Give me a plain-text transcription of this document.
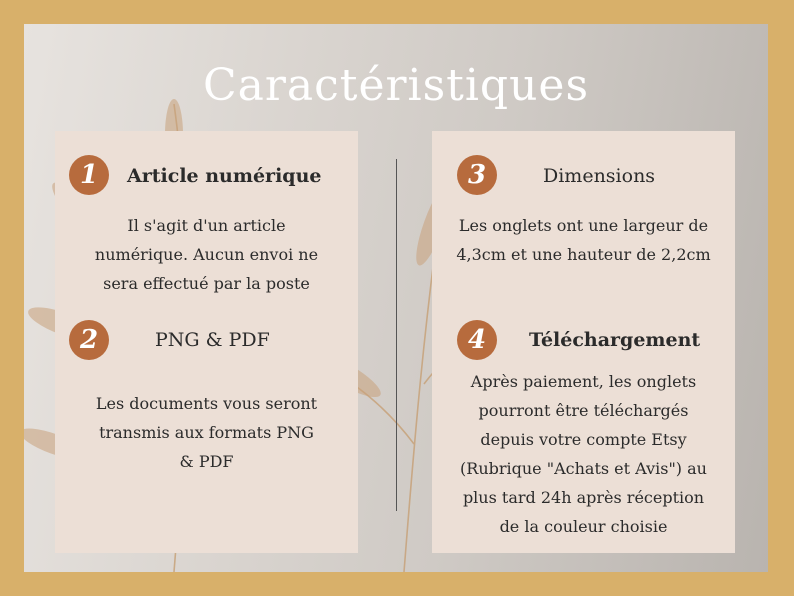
Caractéristiques
1	Article numérique
Il s'agit d'un article
numérique. Aucun envoi ne
sera effectué par la poste
2	PNG & PDF
Les documents vous seront
transmis aux formats PNG
& PDF
3	Dimensions
Les onglets ont une largeur de
4,3cm et une hauteur de 2,2cm
4	Téléchargement
Après paiement, les onglets
pourront être téléchargés
depuis votre compte Etsy
(Rubrique "Achats et Avis") au
plus tard 24h après réception
de la couleur choisie
